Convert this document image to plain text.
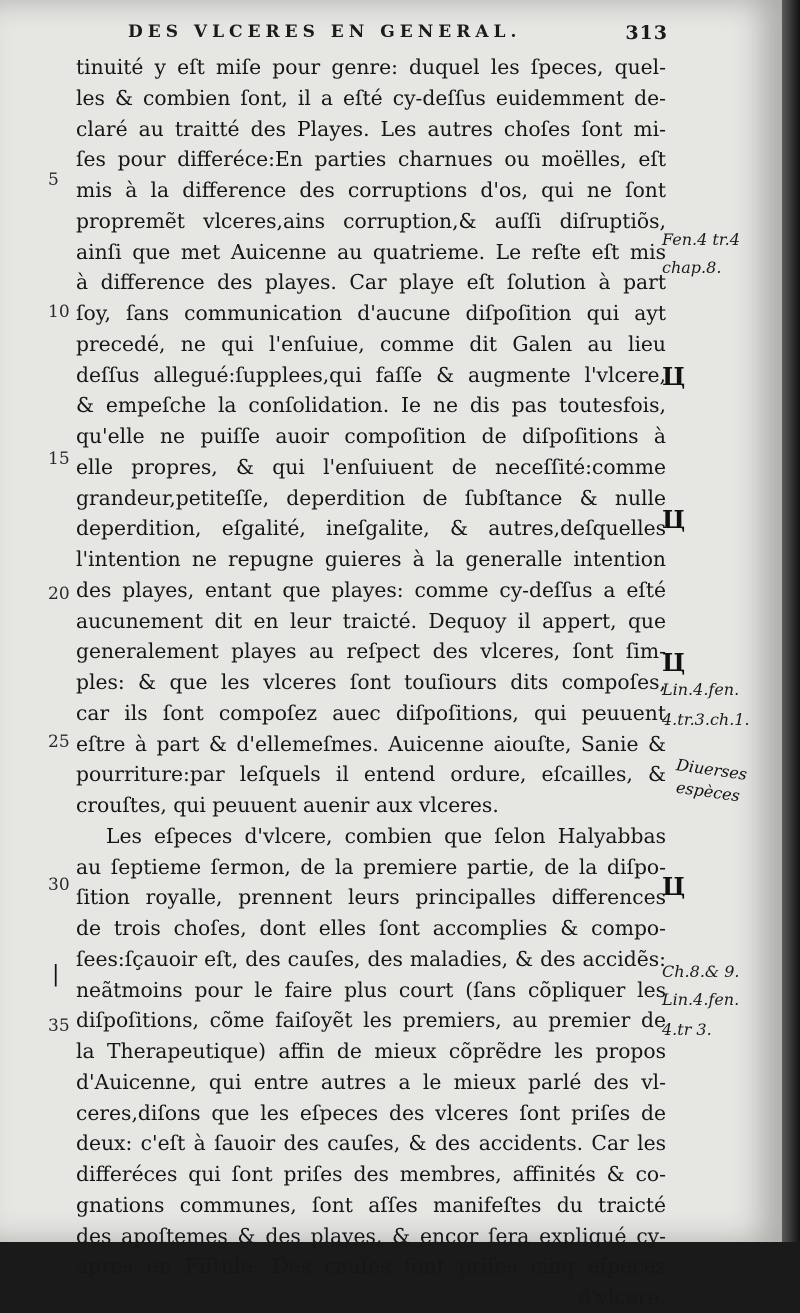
DES VLCERES EN GENERAL.	313
tinuité y eſt miſe pour genre: duquel les ſpeces, quel-
les & combien ſont, il a eſté cy-deſſus euidemment de-
claré au traitté des Playes. Les autres choſes ſont mi-
ſes pour differéce:En parties charnues ou moëlles, eſt
mis à la difference des corruptions d'os, qui ne ſont
propremẽt vlceres,ains corruption,& auſſi diſruptiõs,
ainſi que met Auicenne au quatrieme. Le reſte eſt mis
à difference des playes. Car playe eſt ſolution à part
ſoy, ſans communication d'aucune diſpoſition qui ayt
precedé, ne qui l'enſuiue, comme dit Galen au lieu
deſſus allegué:ſupplees,qui faſſe & augmente l'vlcere,
& empeſche la conſolidation. Ie ne dis pas toutesfois,
qu'elle ne puiſſe auoir compoſition de diſpoſitions à
elle propres, & qui l'enſuiuent de neceſſité:comme
grandeur,petiteſſe, deperdition de ſubſtance & nulle
deperdition, eſgalité, ineſgalite, & autres,deſquelles
l'intention ne repugne guieres à la generalle intention
des playes, entant que playes: comme cy-deſſus a eſté
aucunement dit en leur traicté. Dequoy il appert, que
generalement playes au reſpect des vlceres, ſont ſim-
ples: & que les vlceres ſont touſiours dits compoſes,
car ils ſont compoſez auec diſpoſitions, qui peuuent
eſtre à part & d'ellemeſmes. Auicenne aiouſte, Sanie &
pourriture:par leſquels il entend ordure, eſcailles, &
crouſtes, qui peuuent auenir aux vlceres.
Les eſpeces d'vlcere, combien que ſelon Halyabbas
au ſeptieme ſermon, de la premiere partie, de la diſpo-
ſition royalle, prennent leurs principalles differences
de trois choſes, dont elles ſont accomplies & compo-
ſees:ſçauoir eſt, des cauſes, des maladies, & des accidẽs:
neãtmoins pour le faire plus court (ſans cõpliquer les
diſpoſitions, cõme faiſoyẽt les premiers, au premier de
la Therapeutique) affin de mieux cõprẽdre les propos
d'Auicenne, qui entre autres a le mieux parlé des vl-
ceres,diſons que les eſpeces des vlceres ſont priſes de
deux: c'eſt à ſauoir des cauſes, & des accidents. Car les
differéces qui ſont priſes des membres, affinités & co-
gnations communes, ſont aſſes manifeſtes du traicté
des apoſtemes & des playes, & encor ſera expliqué cy-
apres en Fiſtule. Des cauſes ſont priſes cinq eſpeces
d'vlcere,
5
10
15
20
25
30
35
Fen.4 tr.4
chap.8.
Lin.4.fen.
4.tr.3.ch.1.
Ch.8.& 9.
Lin.4.fen.
4.tr 3.
Ц
Ц
Ц
Ц
|
Diuerses
espèces
